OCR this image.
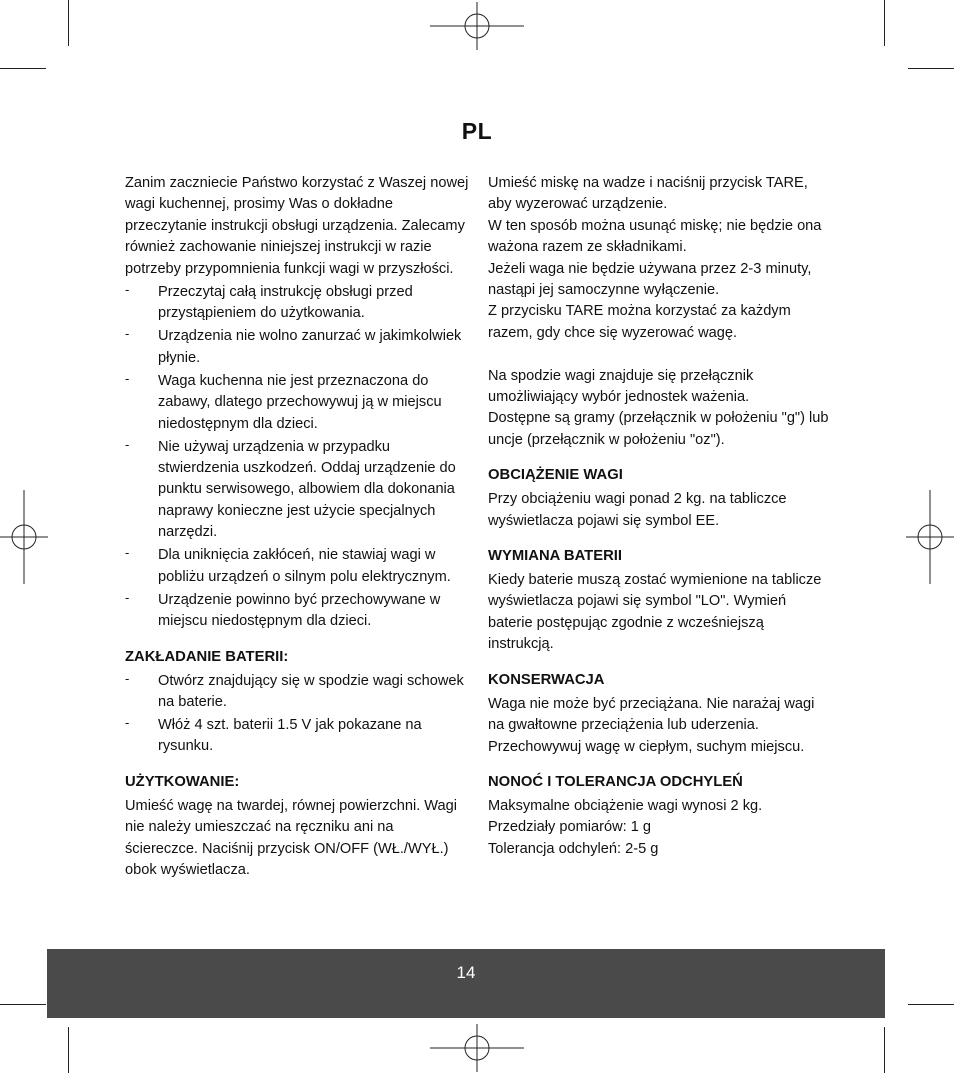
PL

Zanim zaczniecie Państwo korzystać z Waszej nowej wagi kuchennej, prosimy Was o dokładne przeczytanie instrukcji obsługi urządzenia. Zalecamy również zachowanie niniejszej instrukcji w razie potrzeby przypomnienia funkcji wagi w przyszłości.

- Przeczytaj całą instrukcję obsługi przed przystąpieniem do użytkowania.
- Urządzenia nie wolno zanurzać w jakimkolwiek płynie.
- Waga kuchenna nie jest przeznaczona do zabawy, dlatego przechowywuj ją w miejscu niedostępnym dla dzieci.
- Nie używaj urządzenia w przypadku stwierdzenia uszkodzeń. Oddaj urządzenie do punktu serwisowego, albowiem dla dokonania naprawy konieczne jest użycie specjalnych narzędzi.
- Dla uniknięcia zakłóceń, nie stawiaj wagi w pobliżu urządzeń o silnym polu elektrycznym.
- Urządzenie powinno być przechowywane w miejscu niedostępnym dla dzieci.
ZAKŁADANIE BATERII:
- Otwórz znajdujący się w spodzie wagi schowek na baterie.
- Włóż 4 szt. baterii 1.5 V jak pokazane na rysunku.
UŻYTKOWANIE:

Umieść wagę na twardej, równej powierzchni. Wagi nie należy umieszczać na ręczniku ani na ściereczce. Naciśnij przycisk ON/OFF (WŁ./WYŁ.) obok wyświetlacza.

Umieść miskę na wadze i naciśnij przycisk TARE, aby wyzerować urządzenie.

W ten sposób można usunąć miskę; nie będzie ona ważona razem ze składnikami.

Jeżeli waga nie będzie używana przez 2-3 minuty, nastąpi jej samoczynne wyłączenie.

Z przycisku TARE można korzystać za każdym razem, gdy chce się wyzerować wagę.

Na spodzie wagi znajduje się przełącznik umożliwiający wybór jednostek ważenia.

Dostępne są gramy (przełącznik w położeniu "g") lub uncje (przełącznik w położeniu "oz").

OBCIĄŻENIE WAGI

Przy obciążeniu wagi ponad 2 kg. na tabliczce wyświetlacza pojawi się symbol EE.

WYMIANA BATERII

Kiedy baterie muszą zostać wymienione na tablicze wyświetlacza pojawi się symbol "LO". Wymień baterie postępując zgodnie z wcześniejszą instrukcją.

KONSERWACJA

Waga nie może być przeciążana. Nie narażaj wagi na gwałtowne przeciążenia lub uderzenia. Przechowywuj wagę w ciepłym, suchym miejscu.

NONOĆ I TOLERANCJA ODCHYLEŃ

Maksymalne obciążenie wagi wynosi 2 kg.

Przedziały pomiarów: 1 g

Tolerancja odchyleń: 2-5 g

14
